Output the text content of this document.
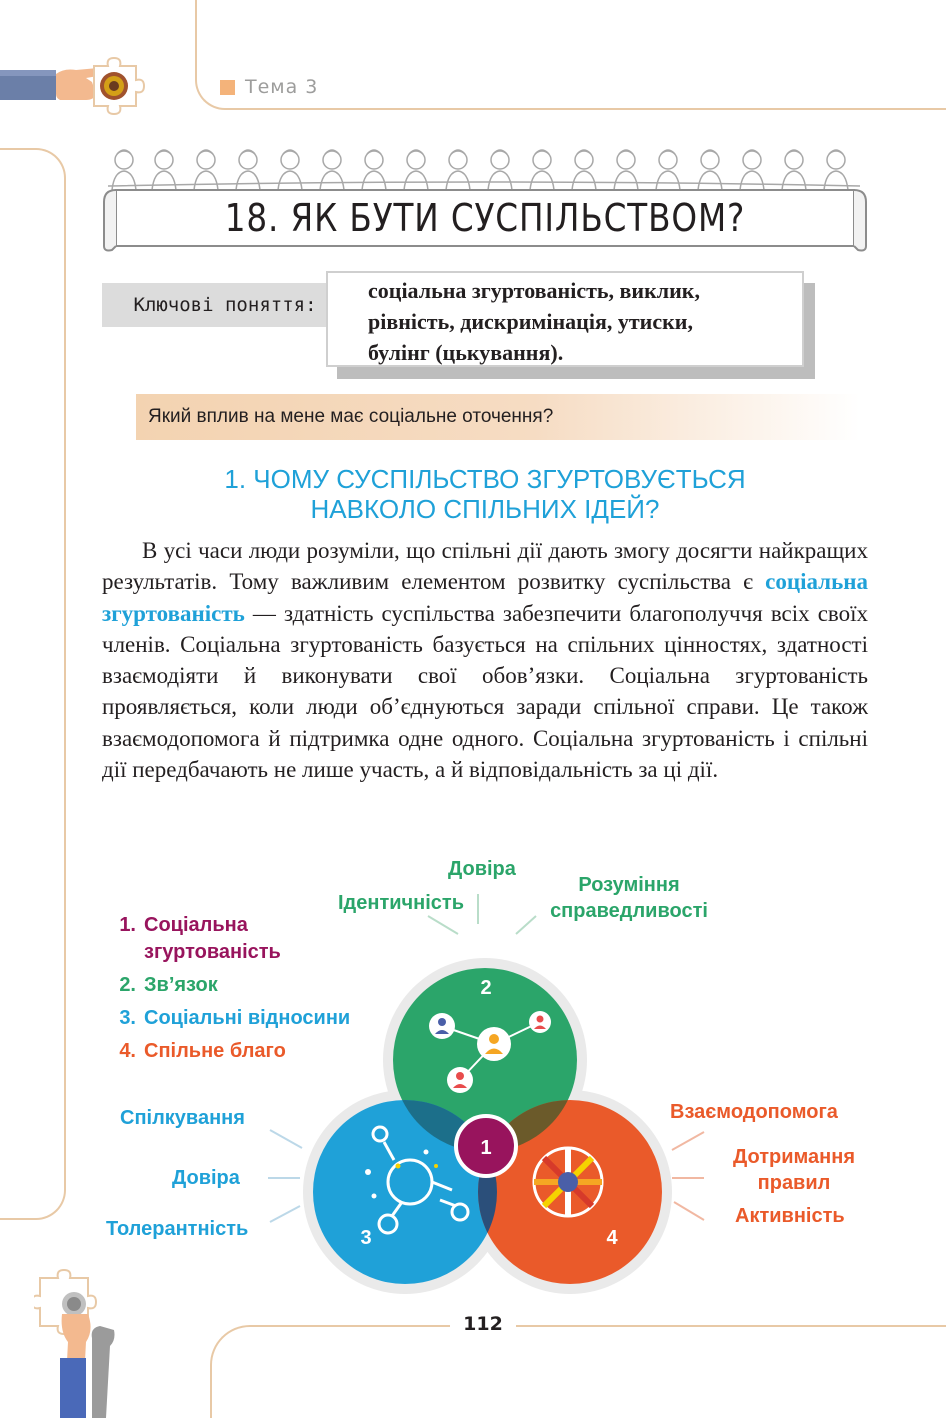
Тема 3
18. ЯК БУТИ СУСПІЛЬСТВОМ?
Ключові поняття:
соціальна згуртованість, виклик,
рівність, дискримінація, утиски,
булінг (цькування).
Який вплив на мене має соціальне оточення?
1. ЧОМУ СУСПІЛЬСТВО ЗГУРТОВУЄТЬСЯ
НАВКОЛО СПІЛЬНИХ ІДЕЙ?

В усі часи люди розуміли, що спільні дії дають змогу досягти найкращих результатів. Тому важливим елементом розвитку суспільства є соціальна згуртованість — здатність суспільства забезпечити благополуччя всіх своїх членів. Соціальна згуртованість базується на спільних цінностях, здатності взаємодіяти й виконувати свої обов’язки. Соціальна згуртованість проявляється, коли люди об’єднуються заради спільної справи. Це також взаємодопомога й підтримка одне одного. Соціальна згуртованість і спільні дії передбачають не лише участь, а й відповідальність за ці дії.

1. Соціальна
згуртованість
2. Зв’язок
3. Соціальні відносини
4. Спільне благо
1
2
3	4
Довіра
Ідентичність
Розуміння
справедливості
Спілкування
Довіра
Толерантність
Взаємодопомога
Дотримання
правил
Активність
112
